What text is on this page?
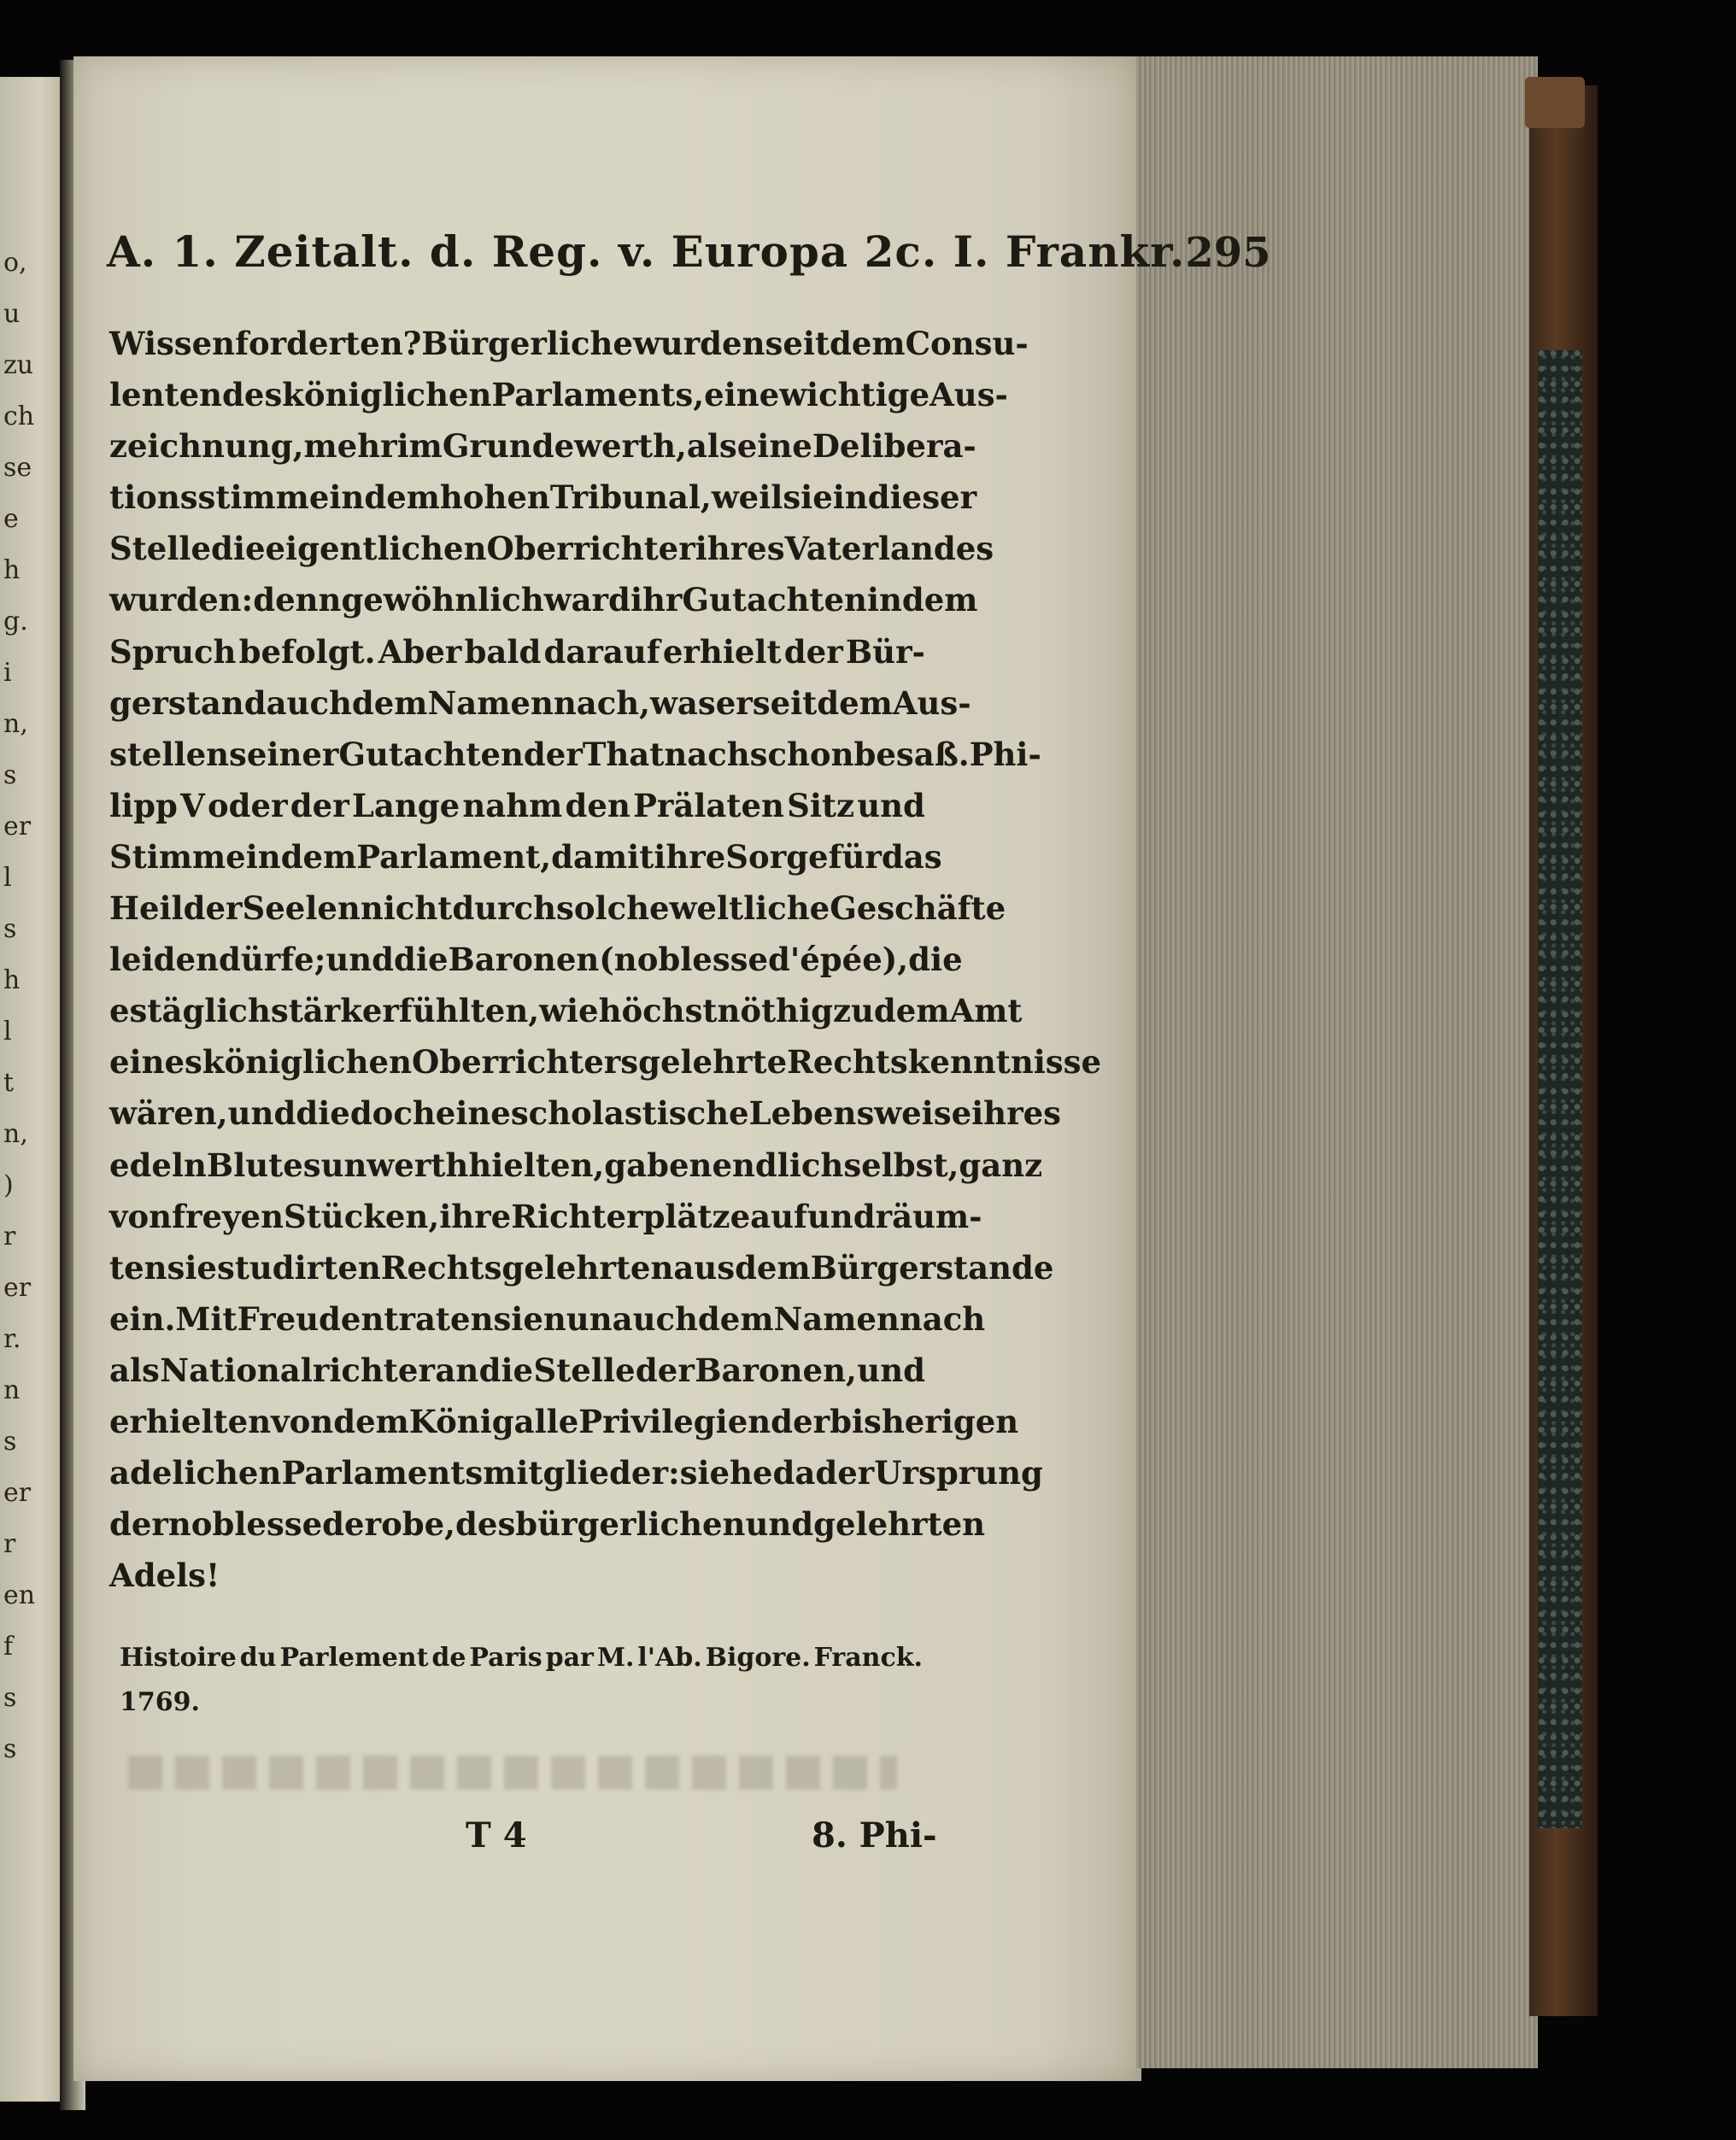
o,
u
zu
ch
se
e
h
g.
i
n,
s
er
l
s
h
l
t
n,
)
r
er
r.
n
s
er
r
en
f
s
s
A. 1. Zeitalt. d. Reg. v. Europa 2c. I. Frankr. 295
Wissen forderten? Bürgerliche wurden seitdem Consu-
lenten des königlichen Parlaments, eine wichtige Aus-
zeichnung, mehr im Grunde werth, als eine Delibera-
tionsstimme in dem hohen Tribunal, weil sie in dieser
Stelle die eigentlichen Oberrichter ihres Vaterlandes
wurden: denn gewöhnlich ward ihr Gutachten in dem
Spruch befolgt. Aber bald darauf erhielt der Bür-
gerstand auch dem Namen nach, was er seit dem Aus-
stellen seiner Gutachten der That nach schon besaß. Phi-
lipp V oder der Lange nahm den Prälaten Sitz und
Stimme in dem Parlament, damit ihre Sorge für das
Heil der Seelen nicht durch solche weltliche Geschäfte
leiden dürfe; und die Baronen (noblesse d'épée), die
es täglich stärker fühlten, wie höchstnöthig zu dem Amt
eines königlichen Oberrichters gelehrte Rechtskenntnisse
wären, und die doch eine scholastische Lebensweise ihres
edeln Blutes unwerth hielten, gaben endlich selbst, ganz
von freyen Stücken, ihre Richterplätze auf und räum-
ten sie studirten Rechtsgelehrten aus dem Bürgerstande
ein. Mit Freuden traten sie nun auch dem Namen nach
als Nationalrichter an die Stelle der Baronen, und
erhielten von dem König alle Privilegien der bisherigen
adelichen Parlamentsmitglieder: siehe da der Ursprung
der noblesse de robe, des bürgerlichen und gelehrten
Adels!
Histoire du Parlement de Paris par M. l'Ab. Bigore. Franck.
1769.
T 4	8. Phi-
